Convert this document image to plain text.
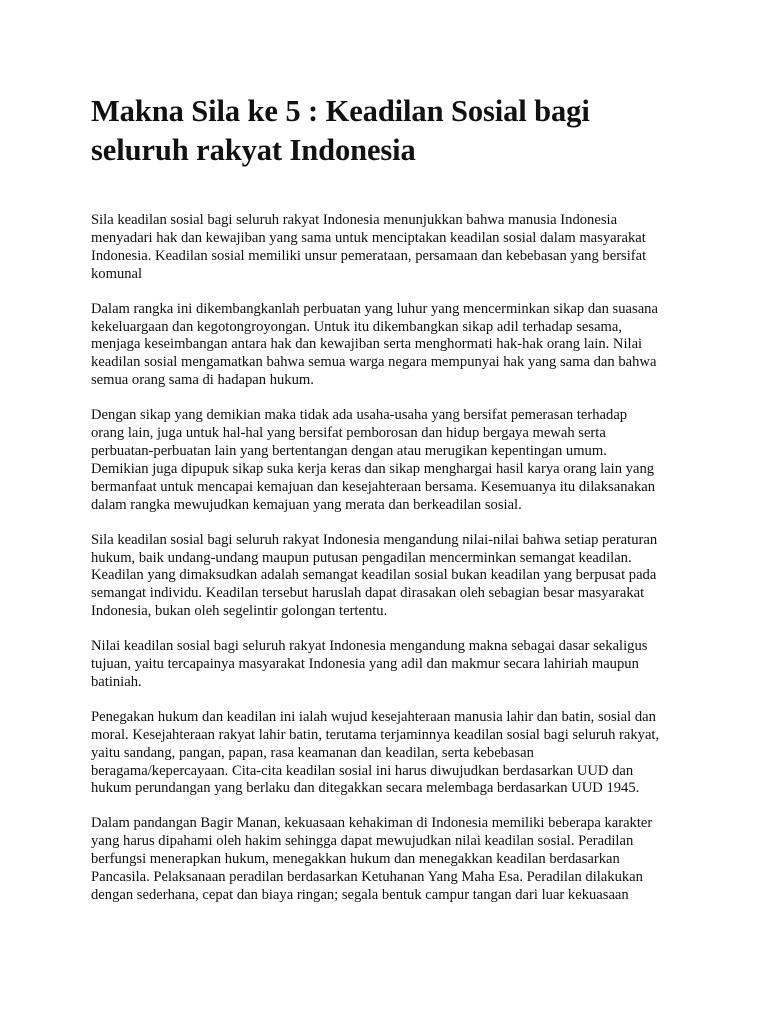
Makna Sila ke 5 : Keadilan Sosial bagi
seluruh rakyat Indonesia

Sila keadilan sosial bagi seluruh rakyat Indonesia menunjukkan bahwa manusia Indonesia
menyadari hak dan kewajiban yang sama untuk menciptakan keadilan sosial dalam masyarakat
Indonesia. Keadilan sosial memiliki unsur pemerataan, persamaan dan kebebasan yang bersifat
komunal

Dalam rangka ini dikembangkanlah perbuatan yang luhur yang mencerminkan sikap dan suasana
kekeluargaan dan kegotongroyongan. Untuk itu dikembangkan sikap adil terhadap sesama,
menjaga keseimbangan antara hak dan kewajiban serta menghormati hak-hak orang lain. Nilai
keadilan sosial mengamatkan bahwa semua warga negara mempunyai hak yang sama dan bahwa
semua orang sama di hadapan hukum.

Dengan sikap yang demikian maka tidak ada usaha-usaha yang bersifat pemerasan terhadap
orang lain, juga untuk hal-hal yang bersifat pemborosan dan hidup bergaya mewah serta
perbuatan-perbuatan lain yang bertentangan dengan atau merugikan kepentingan umum.
Demikian juga dipupuk sikap suka kerja keras dan sikap menghargai hasil karya orang lain yang
bermanfaat untuk mencapai kemajuan dan kesejahteraan bersama. Kesemuanya itu dilaksanakan
dalam rangka mewujudkan kemajuan yang merata dan berkeadilan sosial.

Sila keadilan sosial bagi seluruh rakyat Indonesia mengandung nilai-nilai bahwa setiap peraturan
hukum, baik undang-undang maupun putusan pengadilan mencerminkan semangat keadilan.
Keadilan yang dimaksudkan adalah semangat keadilan sosial bukan keadilan yang berpusat pada
semangat individu. Keadilan tersebut haruslah dapat dirasakan oleh sebagian besar masyarakat
Indonesia, bukan oleh segelintir golongan tertentu.

Nilai keadilan sosial bagi seluruh rakyat Indonesia mengandung makna sebagai dasar sekaligus
tujuan, yaitu tercapainya masyarakat Indonesia yang adil dan makmur secara lahiriah maupun
batiniah.

Penegakan hukum dan keadilan ini ialah wujud kesejahteraan manusia lahir dan batin, sosial dan
moral. Kesejahteraan rakyat lahir batin, terutama terjaminnya keadilan sosial bagi seluruh rakyat,
yaitu sandang, pangan, papan, rasa keamanan dan keadilan, serta kebebasan
beragama/kepercayaan. Cita-cita keadilan sosial ini harus diwujudkan berdasarkan UUD dan
hukum perundangan yang berlaku dan ditegakkan secara melembaga berdasarkan UUD 1945.

Dalam pandangan Bagir Manan, kekuasaan kehakiman di Indonesia memiliki beberapa karakter
yang harus dipahami oleh hakim sehingga dapat mewujudkan nilai keadilan sosial. Peradilan
berfungsi menerapkan hukum, menegakkan hukum dan menegakkan keadilan berdasarkan
Pancasila. Pelaksanaan peradilan berdasarkan Ketuhanan Yang Maha Esa. Peradilan dilakukan
dengan sederhana, cepat dan biaya ringan; segala bentuk campur tangan dari luar kekuasaan
